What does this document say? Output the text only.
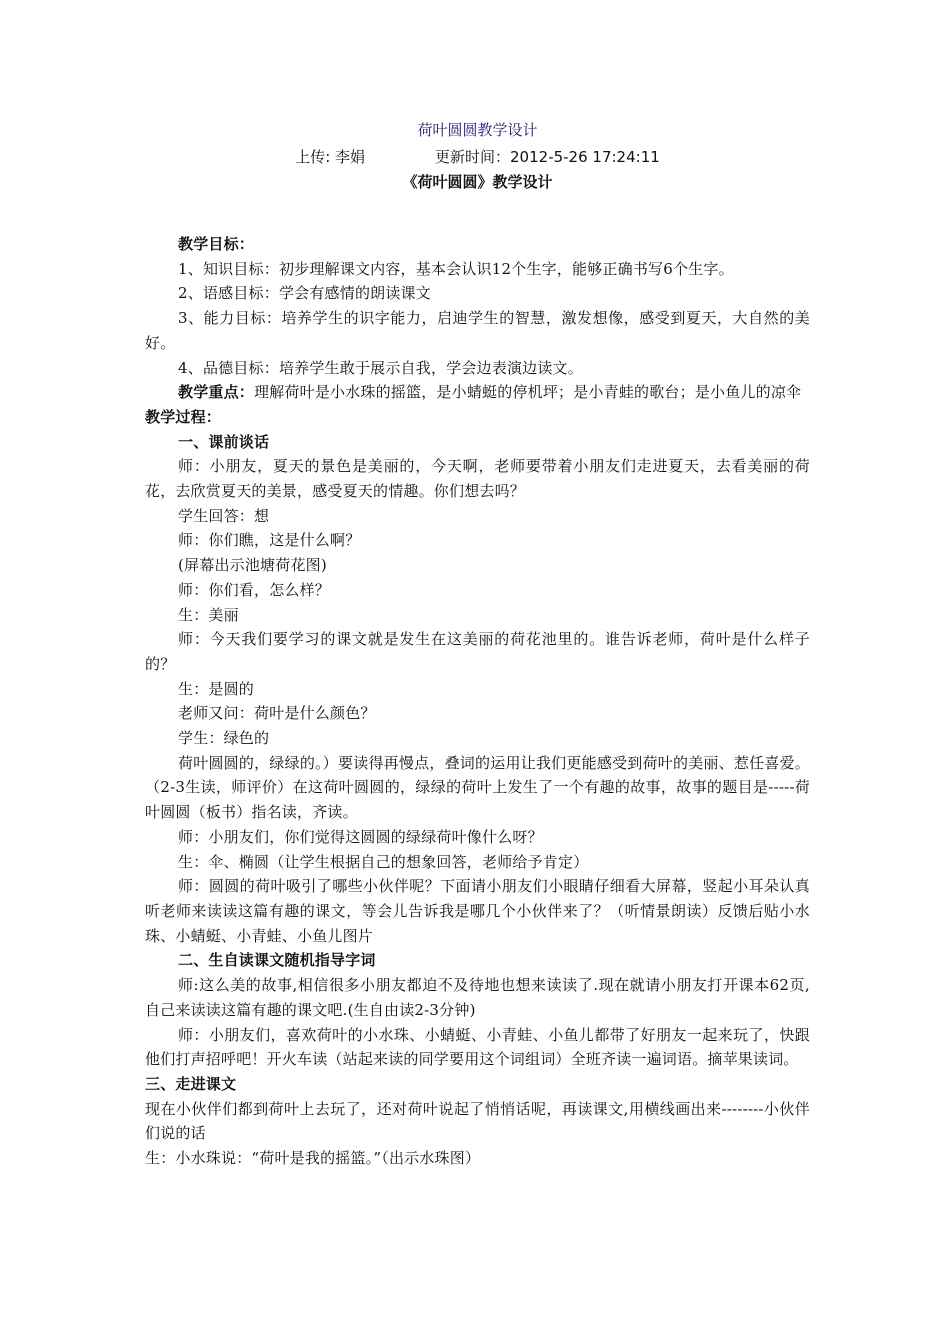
荷叶圆圆教学设计
上传: 李娟	更新时间：2012-5-26 17:24:11
《荷叶圆圆》教学设计

教学目标：

1、知识目标：初步理解课文内容，基本会认识12个生字，能够正确书写6个生字。

2、语感目标：学会有感情的朗读课文

3、能力目标：培养学生的识字能力，启迪学生的智慧，激发想像，感受到夏天，大自然的美好。

4、品德目标：培养学生敢于展示自我，学会边表演边读文。

教学重点：理解荷叶是小水珠的摇篮，是小蜻蜓的停机坪；是小青蛙的歌台；是小鱼儿的凉伞

教学过程：

一、课前谈话

师：小朋友，夏天的景色是美丽的，今天啊，老师要带着小朋友们走进夏天，去看美丽的荷花，去欣赏夏天的美景，感受夏天的情趣。你们想去吗？

学生回答：想

师：你们瞧，这是什么啊？

(屏幕出示池塘荷花图)

师：你们看，怎么样？

生：美丽

师：今天我们要学习的课文就是发生在这美丽的荷花池里的。谁告诉老师，荷叶是什么样子的？

生：是圆的

老师又问：荷叶是什么颜色？

学生：绿色的

荷叶圆圆的，绿绿的。）要读得再慢点，叠词的运用让我们更能感受到荷叶的美丽、惹任喜爱。（2-3生读，师评价）在这荷叶圆圆的，绿绿的荷叶上发生了一个有趣的故事，故事的题目是-----荷叶圆圆（板书）指名读，齐读。

师：小朋友们，你们觉得这圆圆的绿绿荷叶像什么呀？

生：伞、椭圆（让学生根据自己的想象回答，老师给予肯定）

师：圆圆的荷叶吸引了哪些小伙伴呢？下面请小朋友们小眼睛仔细看大屏幕，竖起小耳朵认真听老师来读读这篇有趣的课文，等会儿告诉我是哪几个小伙伴来了？（听情景朗读）反馈后贴小水珠、小蜻蜓、小青蛙、小鱼儿图片

二、生自读课文随机指导字词

师:这么美的故事,相信很多小朋友都迫不及待地也想来读读了.现在就请小朋友打开课本62页,自己来读读这篇有趣的课文吧.(生自由读2-3分钟)

师：小朋友们，喜欢荷叶的小水珠、小蜻蜓、小青蛙、小鱼儿都带了好朋友一起来玩了，快跟他们打声招呼吧！开火车读（站起来读的同学要用这个词组词）全班齐读一遍词语。摘苹果读词。

三、走进课文

现在小伙伴们都到荷叶上去玩了，还对荷叶说起了悄悄话呢，再读课文,用横线画出来--------小伙伴们说的话

生：小水珠说：“荷叶是我的摇篮。”（出示水珠图）
